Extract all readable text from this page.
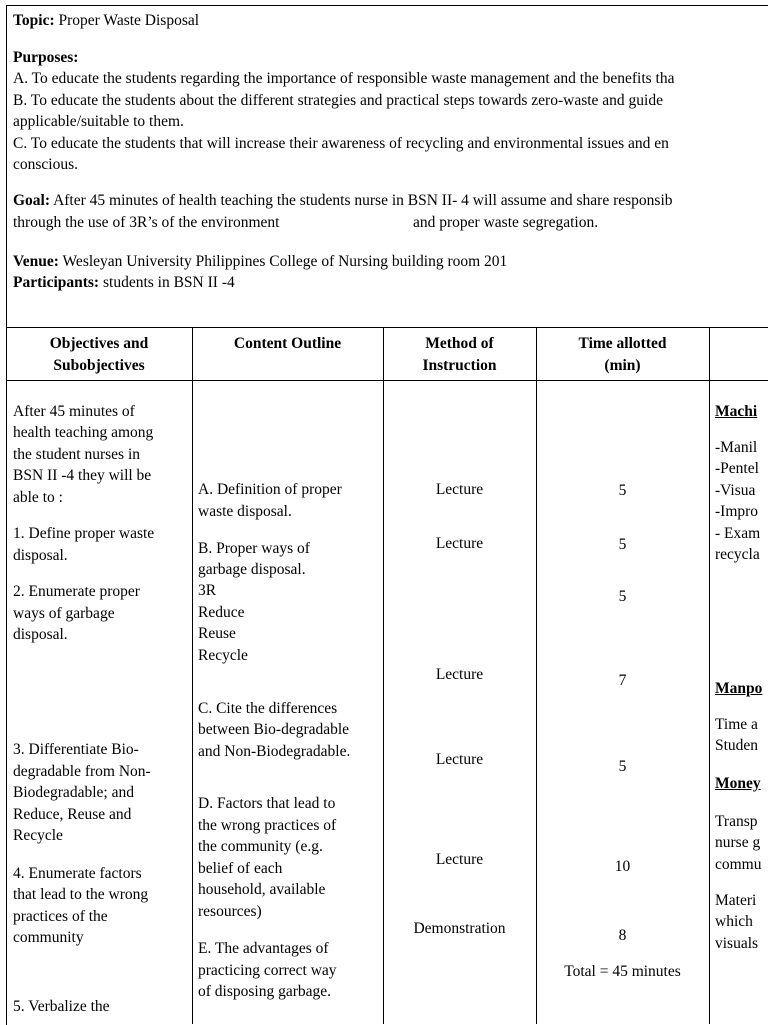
Topic: Proper Waste Disposal
Purposes:
A. To educate the students regarding the importance of responsible waste management and the benefits tha
B. To educate the students about the different strategies and practical steps towards zero-waste and guide
applicable/suitable to them.
C. To educate the students that will increase their awareness of recycling and environmental issues and en
conscious.
Goal: After 45 minutes of health teaching the students nurse in BSN II- 4 will assume and share responsib
through the use of 3R’s of the environment	and proper waste segregation.
Venue: Wesleyan University Philippines College of Nursing building room 201
Participants: students in BSN II -4
Objectives and
Subobjectives
Content Outline	Method of
Instruction
Time allotted
(min)
After 45 minutes of
health teaching among
the student nurses in
BSN II -4 they will be
able to :
1. Define proper waste
disposal.
2. Enumerate proper
ways of garbage
disposal.
3. Differentiate Bio-
degradable from Non-
Biodegradable; and
Reduce, Reuse and
Recycle
4. Enumerate factors
that lead to the wrong
practices of the
community
5. Verbalize the
A. Definition of proper
waste disposal.
B. Proper ways of
garbage disposal.
3R
Reduce
Reuse
Recycle
C. Cite the differences
between Bio-degradable
and Non-Biodegradable.
D. Factors that lead to
the wrong practices of
the community (e.g.
belief of each
household, available
resources)
E. The advantages of
practicing correct way
of disposing garbage.
Lecture
Lecture
Lecture
Lecture
Lecture
Demonstration
5
5
5
7
5
10
8
Total = 45 minutes
Machi
-Manil
-Pentel
-Visua
-Impro
- Exam
recycla
Manpo
Time a
Studen
Money
Transp
nurse g
commu
Materi
which
visuals
